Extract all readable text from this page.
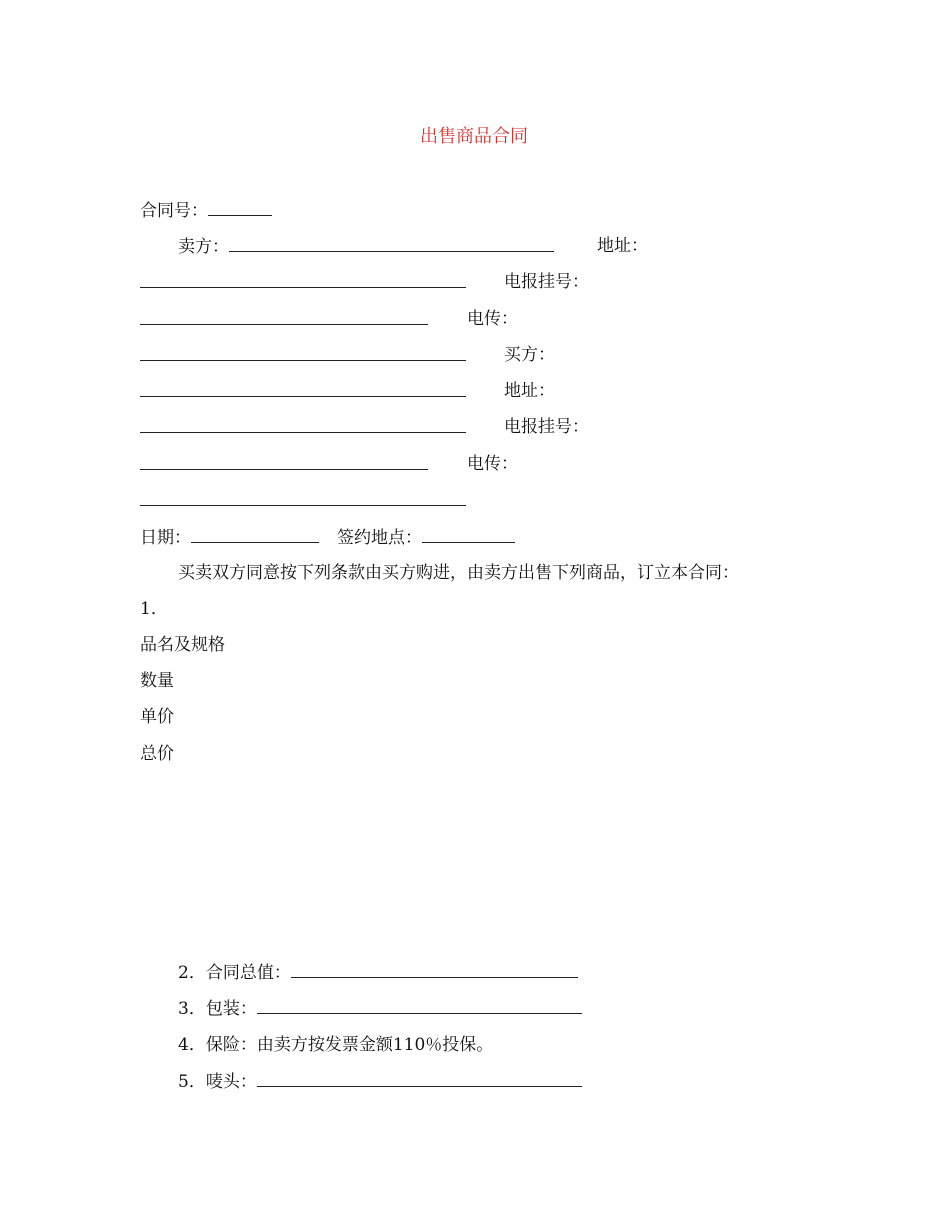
出售商品合同
合同号：
卖方：	地址：
电报挂号：
电传：
买方：
地址：
电报挂号：
电传：
日期：	签约地点：
买卖双方同意按下列条款由买方购进，由卖方出售下列商品，订立本合同：
1．
品名及规格
数量
单价
总价
2．合同总值：
3．包装：
4．保险：由卖方按发票金额110％投保。
5．唛头：
